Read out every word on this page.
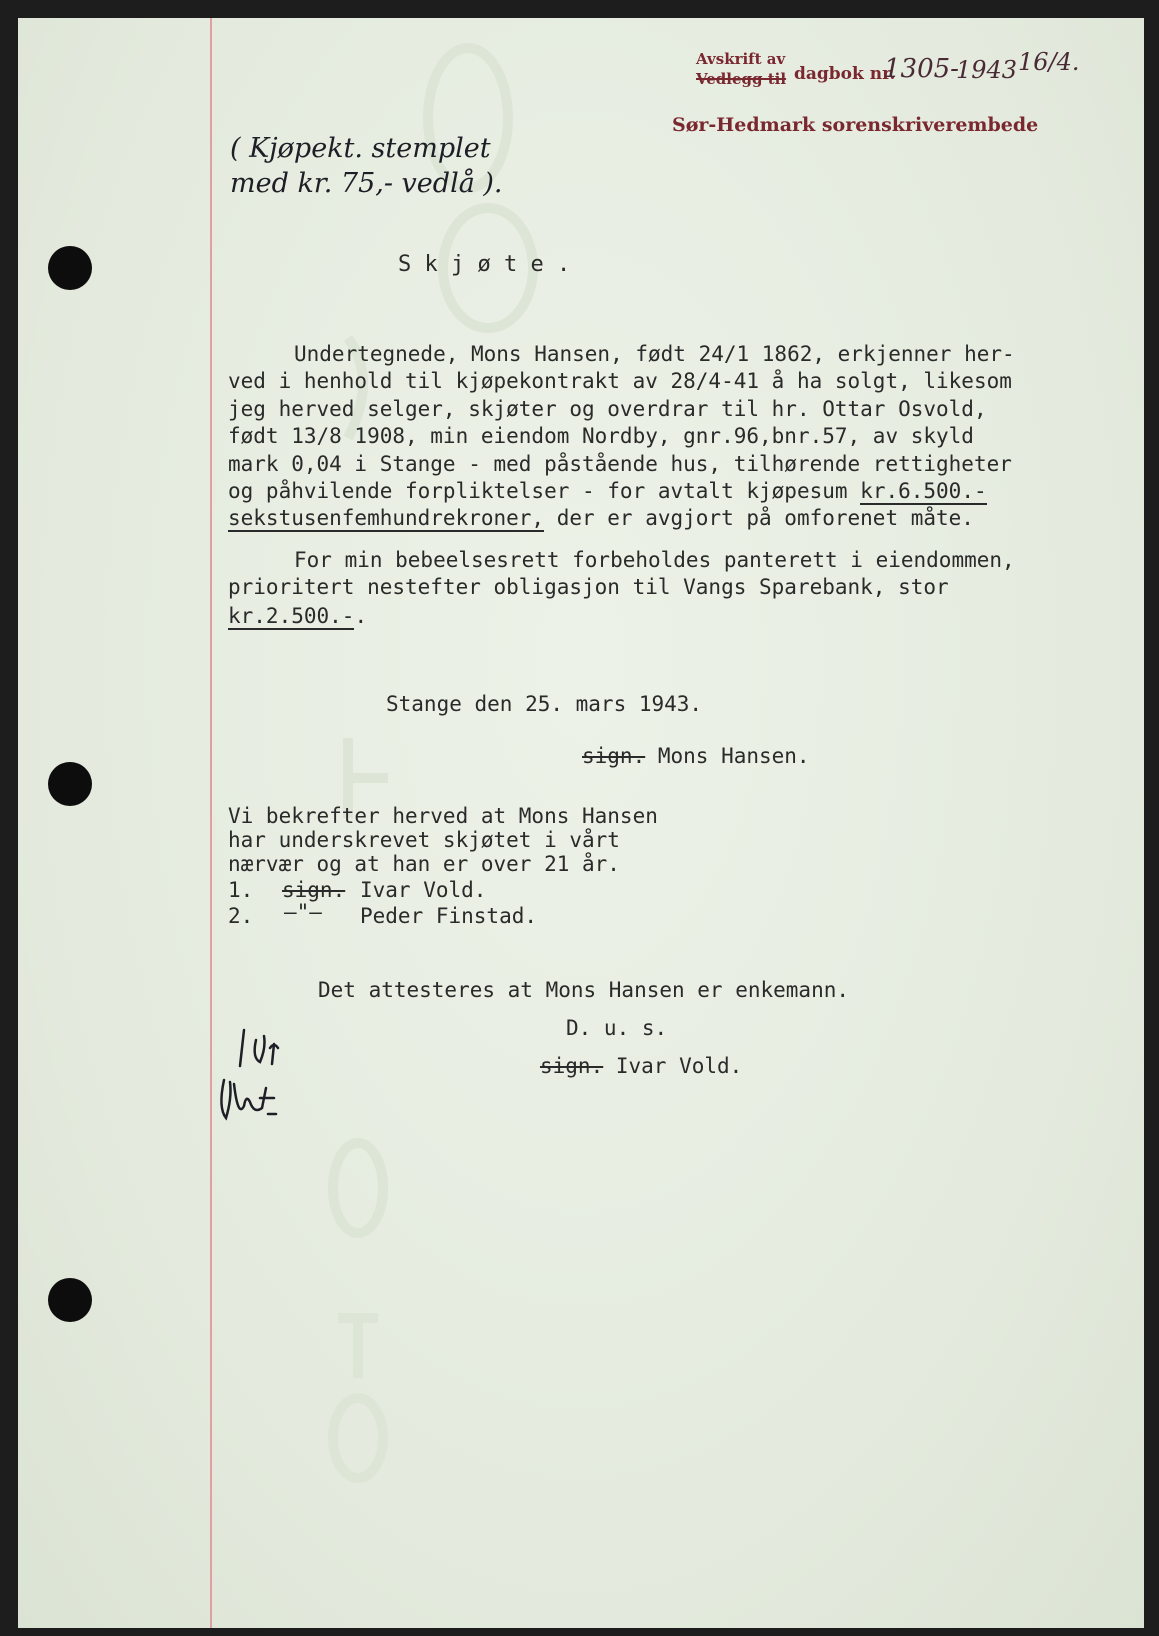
Avskrift av
Vedlegg til dagbok nr.
1305-
1943 16/4.
Sør-Hedmark sorenskriverembede
( Kjøpekt. stemplet
med kr. 75,- vedlå ).
S k j ø t e .
Undertegnede, Mons Hansen, født 24/1 1862, erkjenner her-
ved i henhold til kjøpekontrakt av 28/4-41 å ha solgt, likesom
jeg herved selger, skjøter og overdrar til hr. Ottar Osvold,
født 13/8 1908, min eiendom Nordby, gnr.96,bnr.57, av skyld
mark 0,04 i Stange - med påstående hus, tilhørende rettigheter
og påhvilende forpliktelser - for avtalt kjøpesum kr.6.500.-
sekstusenfemhundrekroner, der er avgjort på omforenet måte.
For min bebeelsesrett forbeholdes panterett i eiendommen,
prioritert nestefter obligasjon til Vangs Sparebank, stor
kr.2.500.-.
Stange den 25. mars 1943.
sign. Mons Hansen.
Vi bekrefter herved at Mons Hansen
har underskrevet skjøtet i vårt
nærvær og at han er over 21 år.
1. sign. Ivar Vold.
2. —"— Peder Finstad.
Det attesteres at Mons Hansen er enkemann.
D. u. s.
sign. Ivar Vold.
